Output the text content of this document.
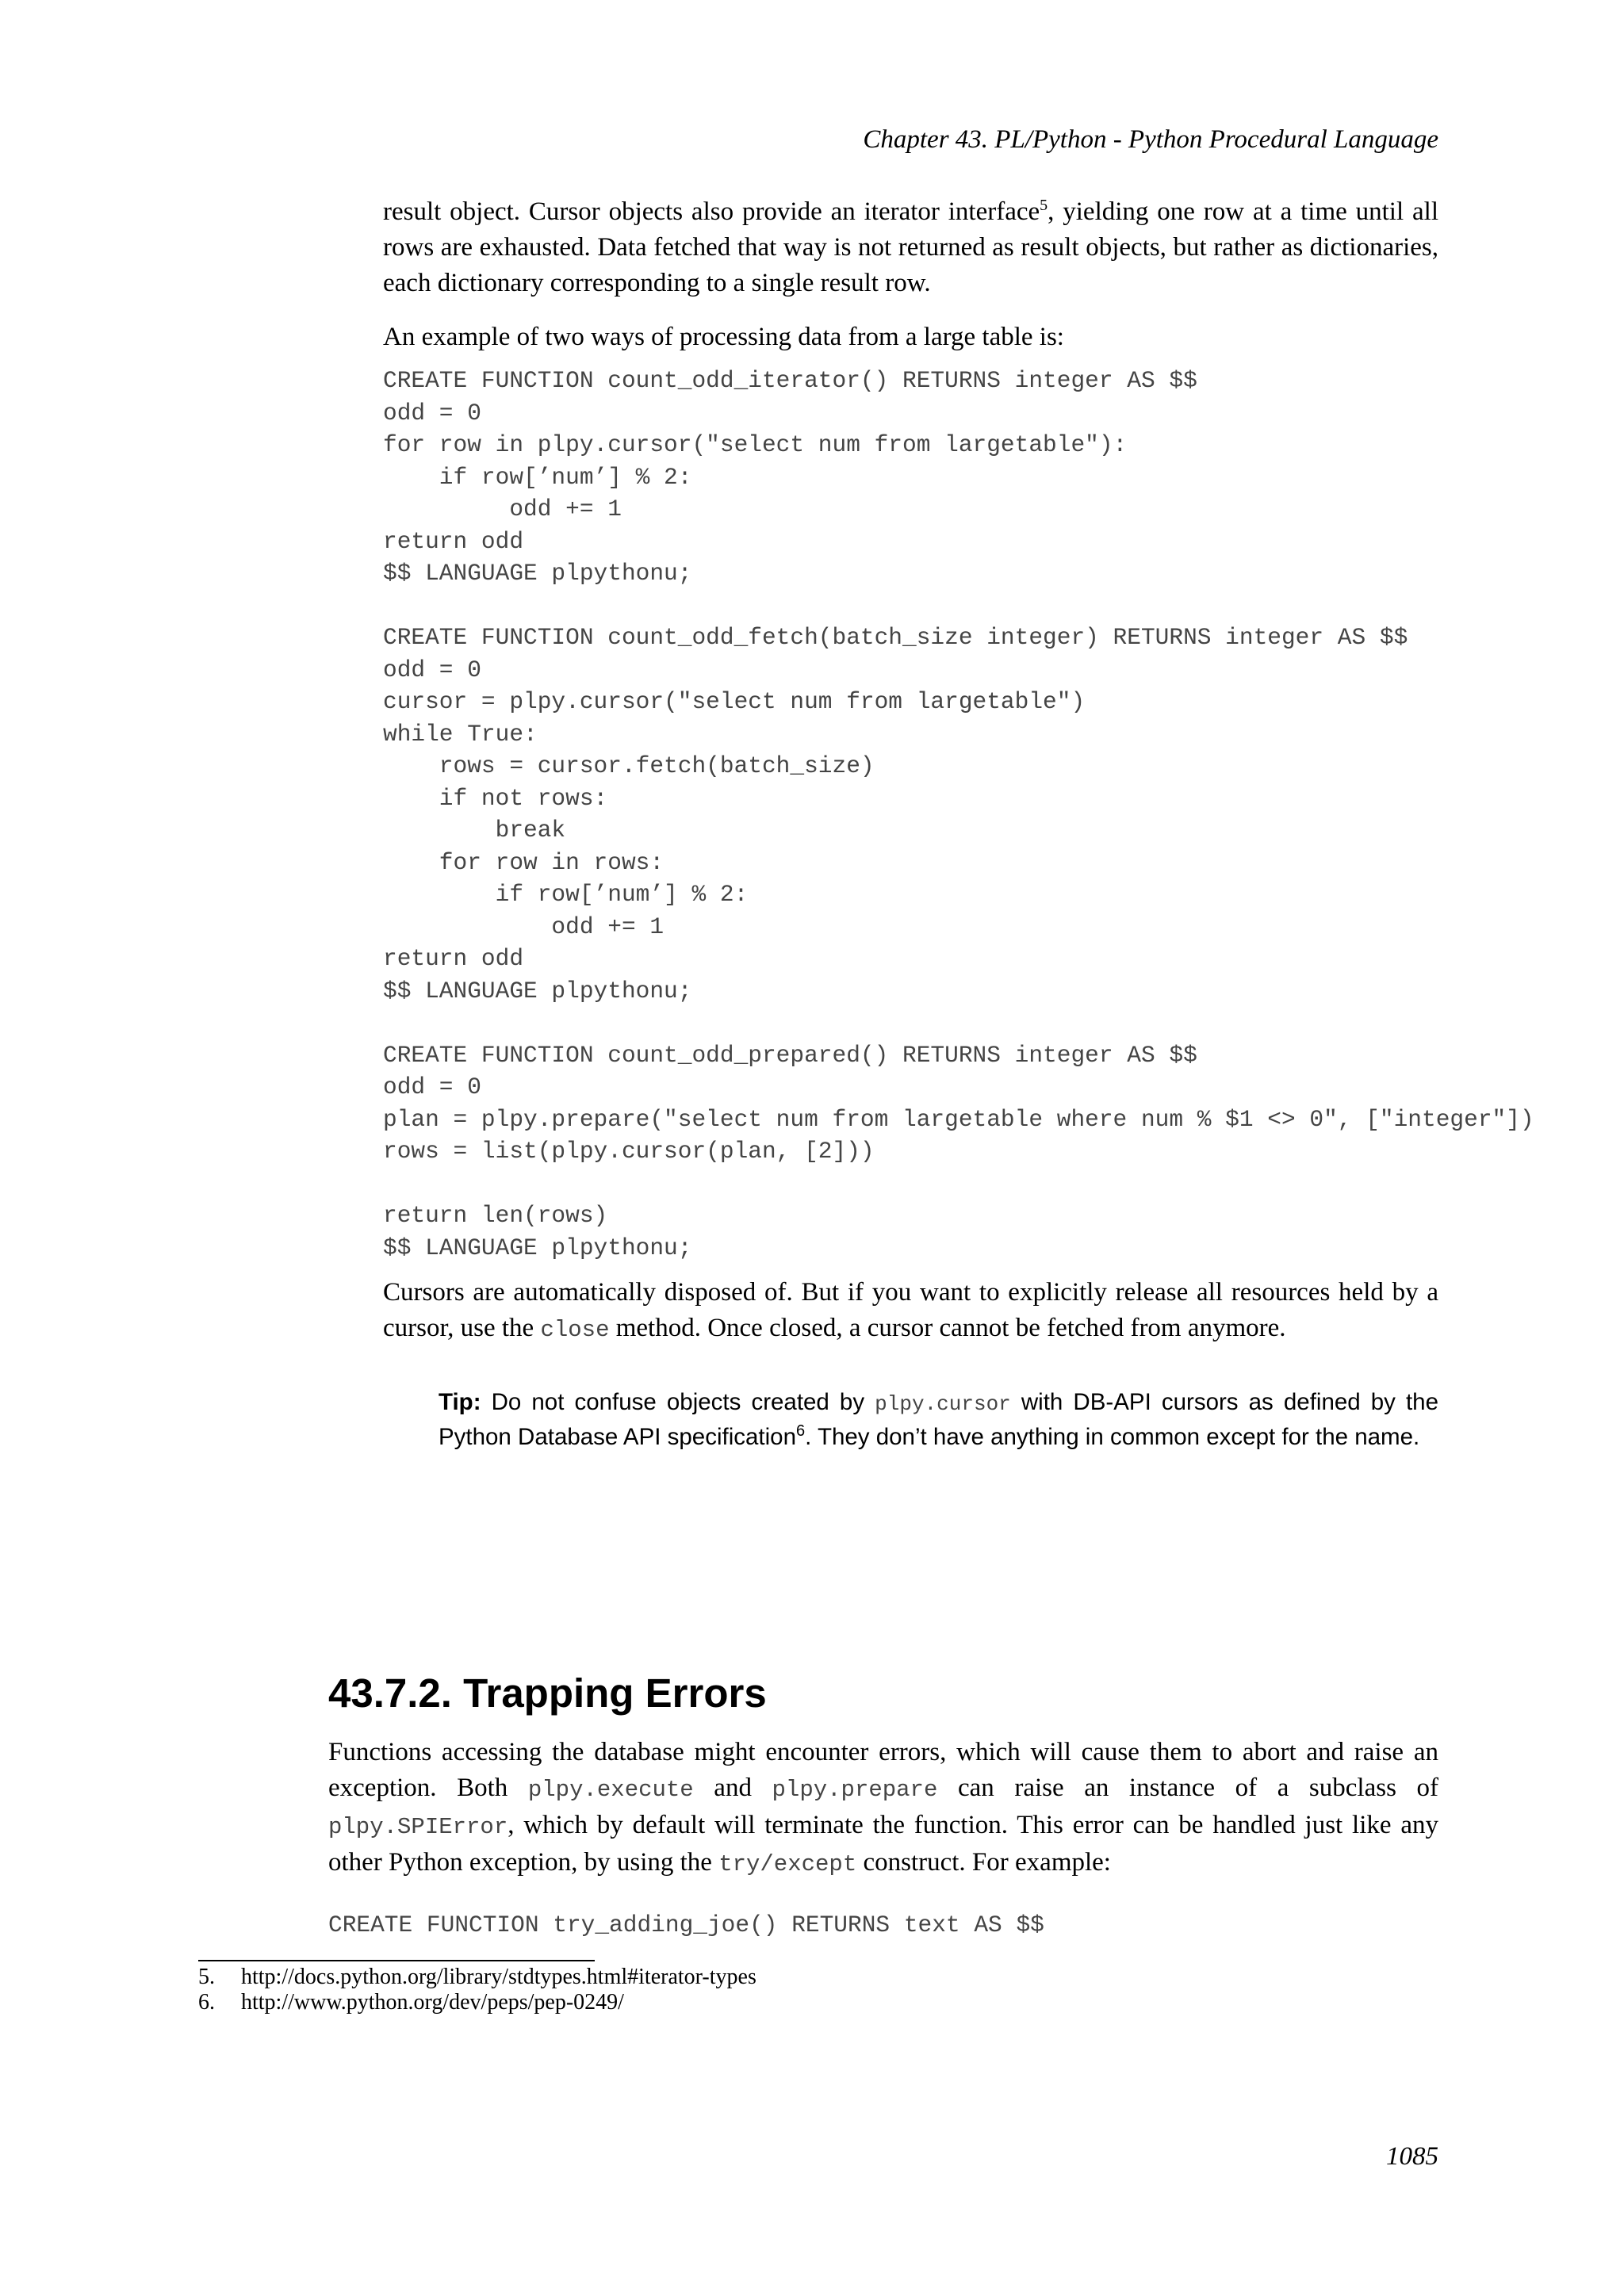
Chapter 43. PL/Python - Python Procedural Language

result object. Cursor objects also provide an iterator interface$^5$, yielding one row at a time until all rows are exhausted. Data fetched that way is not returned as result objects, but rather as dictionaries, each dictionary corresponding to a single result row.

An example of two ways of processing data from a large table is:

CREATE FUNCTION count_odd_iterator() RETURNS integer AS $$
odd = 0
for row in plpy.cursor("select num from largetable"):
if row[’num’] % 2:
odd += 1
return odd
$$ LANGUAGE plpythonu;

CREATE FUNCTION count_odd_fetch(batch_size integer) RETURNS integer AS $$
odd = 0
cursor = plpy.cursor("select num from largetable")
while True:
rows = cursor.fetch(batch_size)
if not rows:
break
for row in rows:
if row[’num’] % 2:
odd += 1
return odd
$$ LANGUAGE plpythonu;

CREATE FUNCTION count_odd_prepared() RETURNS integer AS $$
odd = 0
plan = plpy.prepare("select num from largetable where num % $1 <> 0", ["integer"])
rows = list(plpy.cursor(plan, [2]))

return len(rows)
$$ LANGUAGE plpythonu;

Cursors are automatically disposed of. But if you want to explicitly release all resources held by a cursor, use the close method. Once closed, a cursor cannot be fetched from anymore.

Tip: Do not confuse objects created by plpy.cursor with DB-API cursors as defined by the Python Database API specification$^6$. They don’t have anything in common except for the name.

43.7.2. Trapping Errors

Functions accessing the database might encounter errors, which will cause them to abort and raise an exception. Both plpy.execute and plpy.prepare can raise an instance of a subclass of plpy.SPIError, which by default will terminate the function. This error can be handled just like any other Python exception, by using the try/except construct. For example:

CREATE FUNCTION try_adding_joe() RETURNS text AS $$
5.	http://docs.python.org/library/stdtypes.html#iterator-types
6.	http://www.python.org/dev/peps/pep-0249/
1085
